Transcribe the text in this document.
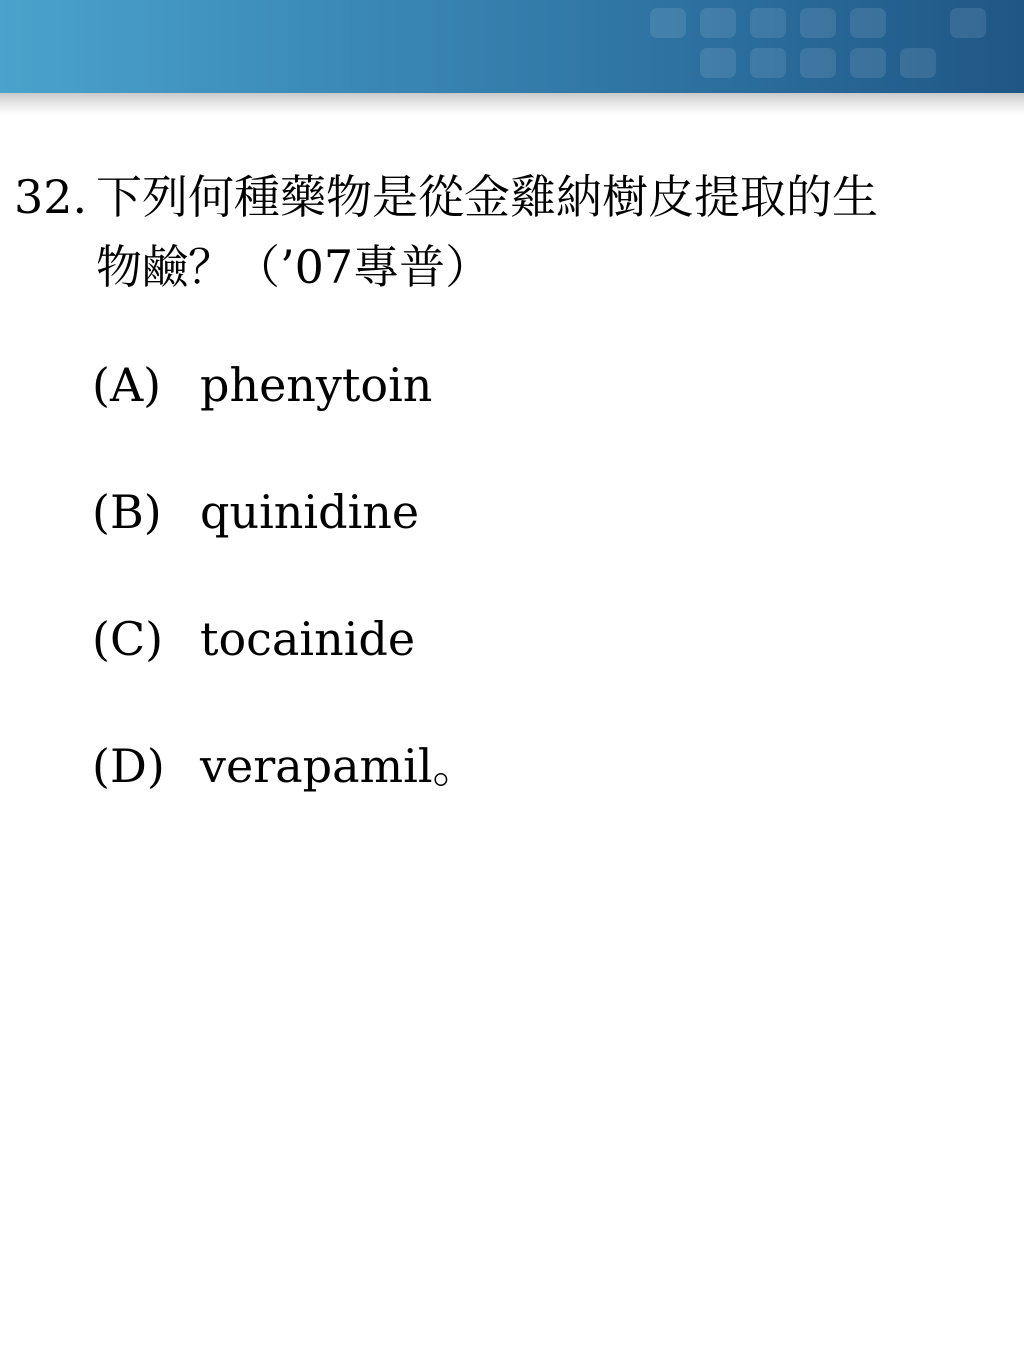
32. 下列何種藥物是從金雞納樹皮提取的生
物鹼？（’07專普）
(A) phenytoin
(B) quinidine
(C) tocainide
(D) verapamil。
